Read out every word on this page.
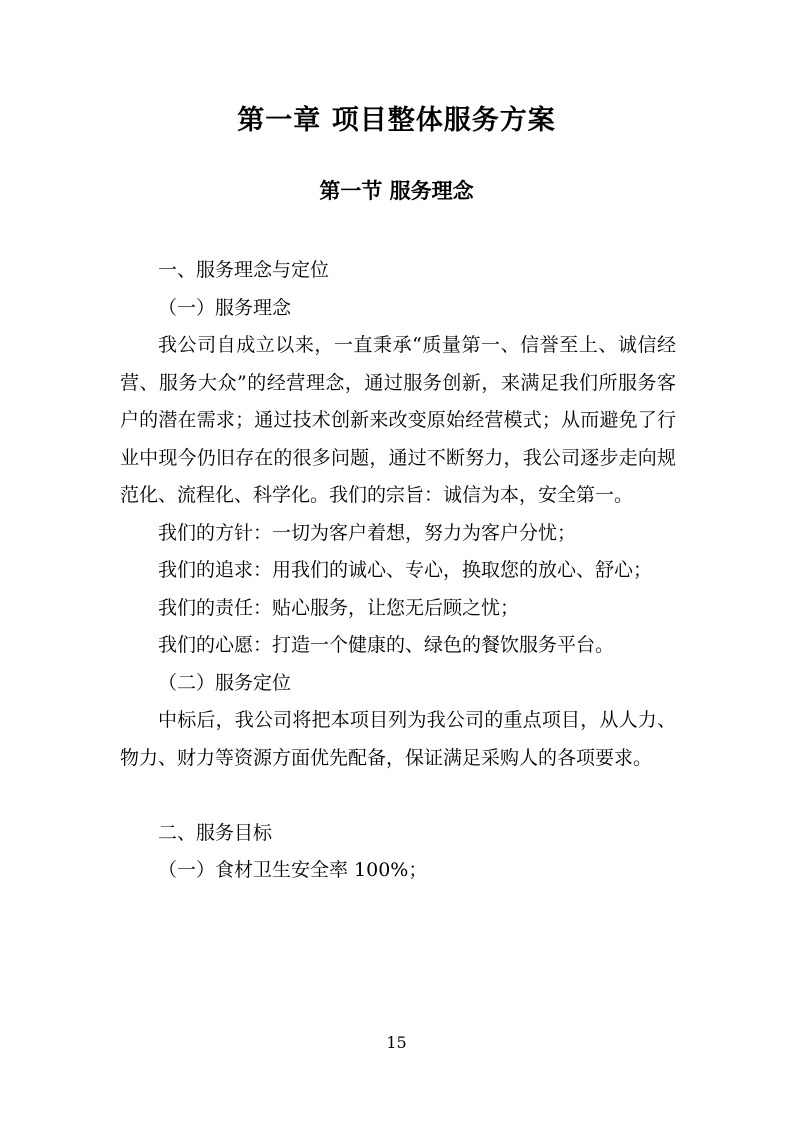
第一章 项目整体服务方案
第一节 服务理念

一、服务理念与定位

（一）服务理念

我公司自成立以来，一直秉承“质量第一、信誉至上、诚信经营、服务大众”的经营理念，通过服务创新，来满足我们所服务客户的潜在需求；通过技术创新来改变原始经营模式；从而避免了行业中现今仍旧存在的很多问题，通过不断努力，我公司逐步走向规范化、流程化、科学化。我们的宗旨：诚信为本，安全第一。

我们的方针：一切为客户着想，努力为客户分忧；

我们的追求：用我们的诚心、专心，换取您的放心、舒心；

我们的责任：贴心服务，让您无后顾之忧；

我们的心愿：打造一个健康的、绿色的餐饮服务平台。

（二）服务定位

中标后，我公司将把本项目列为我公司的重点项目，从人力、物力、财力等资源方面优先配备，保证满足采购人的各项要求。

二、服务目标

（一）食材卫生安全率 100%；

15
